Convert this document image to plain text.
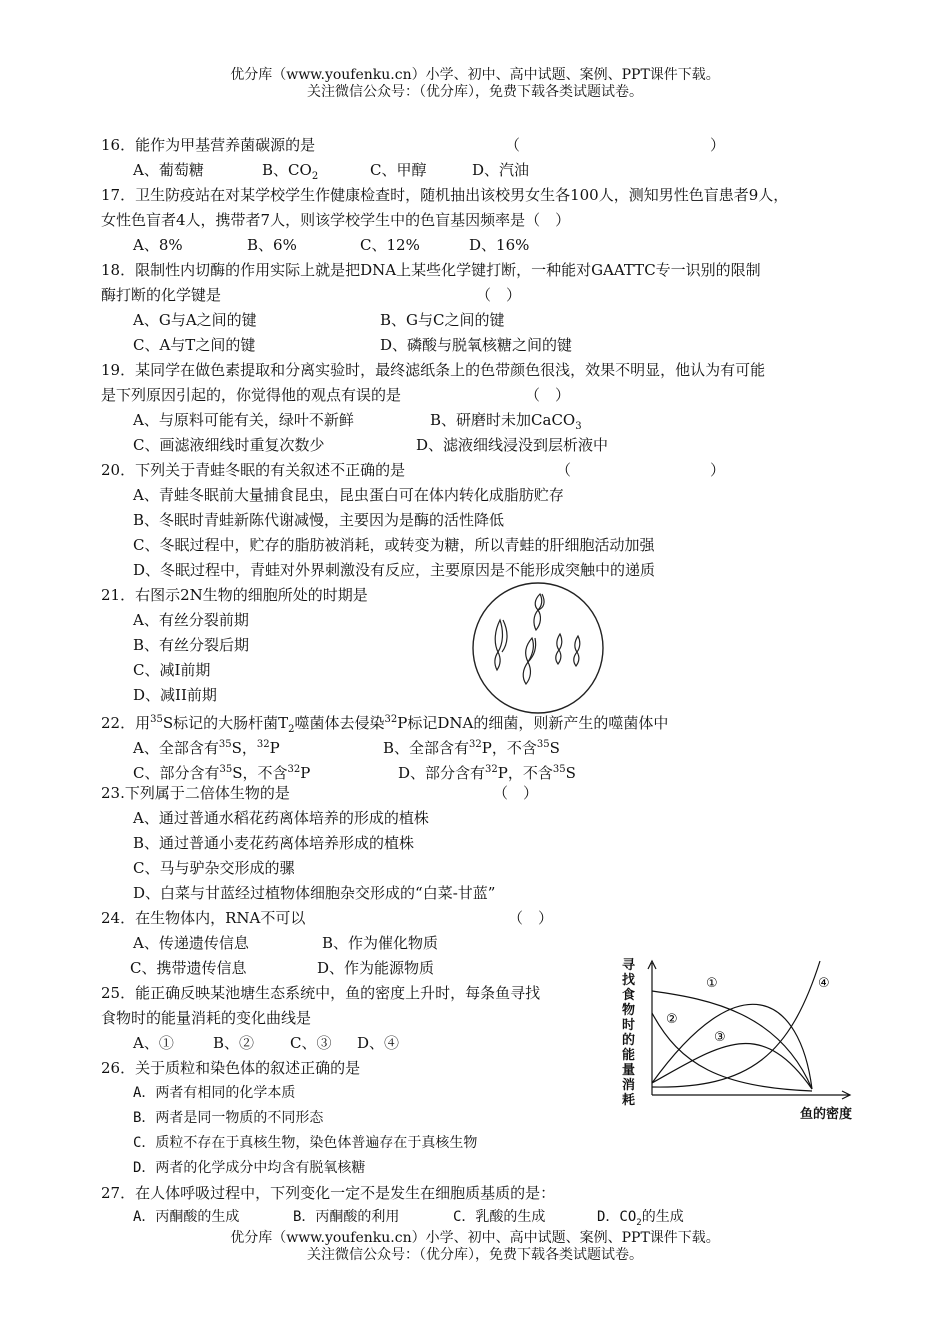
优分库（www.youfenku.cn）小学、初中、高中试题、案例、PPT课件下载。
关注微信公众号：（优分库），免费下载各类试题试卷。
16．能作为甲基营养菌碳源的是	（	）
A、葡萄糖	B、$CO_2$	C、甲醇	D、汽油
17．卫生防疫站在对某学校学生作健康检查时，随机抽出该校男女生各100人，测知男性色盲患者9人，
女性色盲者4人，携带者7人，则该学校学生中的色盲基因频率是（　）
A、8%	B、6%	C、12%	D、16%
18．限制性内切酶的作用实际上就是把DNA上某些化学键打断，一种能对GAATTC专一识别的限制
酶打断的化学键是	（　）
A、G与A之间的键	B、G与C之间的键
C、A与T之间的键	D、磷酸与脱氧核糖之间的键
19．某同学在做色素提取和分离实验时，最终滤纸条上的色带颜色很浅，效果不明显，他认为有可能
是下列原因引起的，你觉得他的观点有误的是	（　）
A、与原料可能有关，绿叶不新鲜	B、研磨时未加CaCO$_3$
C、画滤液细线时重复次数少	D、滤液细线浸没到层析液中
20．下列关于青蛙冬眠的有关叙述不正确的是	（	）
A、青蛙冬眠前大量捕食昆虫，昆虫蛋白可在体内转化成脂肪贮存
B、冬眠时青蛙新陈代谢减慢，主要因为是酶的活性降低
C、冬眠过程中，贮存的脂肪被消耗，或转变为糖，所以青蛙的肝细胞活动加强
D、冬眠过程中，青蛙对外界刺激没有反应，主要原因是不能形成突触中的递质
21．右图示2N生物的细胞所处的时期是
A、有丝分裂前期
B、有丝分裂后期
C、减I前期
D、减II前期
22．用$^{35}$S标记的大肠杆菌$T_2$噬菌体去侵染$^{32}$P标记DNA的细菌，则新产生的噬菌体中
A、全部含有$^{35}$S，$^{32}$P	B、全部含有$^{32}$P，不含$^{35}$S
C、部分含有$^{35}$S，不含$^{32}$P	D、部分含有$^{32}$P，不含$^{35}$S
23.下列属于二倍体生物的是	（　）
A、通过普通水稻花药离体培养的形成的植株
B、通过普通小麦花药离体培养形成的植株
C、马与驴杂交形成的骡
D、白菜与甘蓝经过植物体细胞杂交形成的“白菜-甘蓝”
24．在生物体内，RNA不可以	（　）
A、传递遗传信息	B、作为催化物质
C、携带遗传信息	D、作为能源物质
25．能正确反映某池塘生态系统中，鱼的密度上升时，每条鱼寻找
食物时的能量消耗的变化曲线是
A、①	B、② C、③ D、④
寻找食物时的能量消耗
①
②
③
④
鱼的密度
26．关于质粒和染色体的叙述正确的是
A．两者有相同的化学本质
B．两者是同一物质的不同形态
C．质粒不存在于真核生物，染色体普遍存在于真核生物
D．两者的化学成分中均含有脱氧核糖
27．在人体呼吸过程中，下列变化一定不是发生在细胞质基质的是：
A．丙酮酸的生成	B．丙酮酸的利用	C．乳酸的生成	D．$CO_2$的生成
优分库（www.youfenku.cn）小学、初中、高中试题、案例、PPT课件下载。
关注微信公众号：（优分库），免费下载各类试题试卷。
